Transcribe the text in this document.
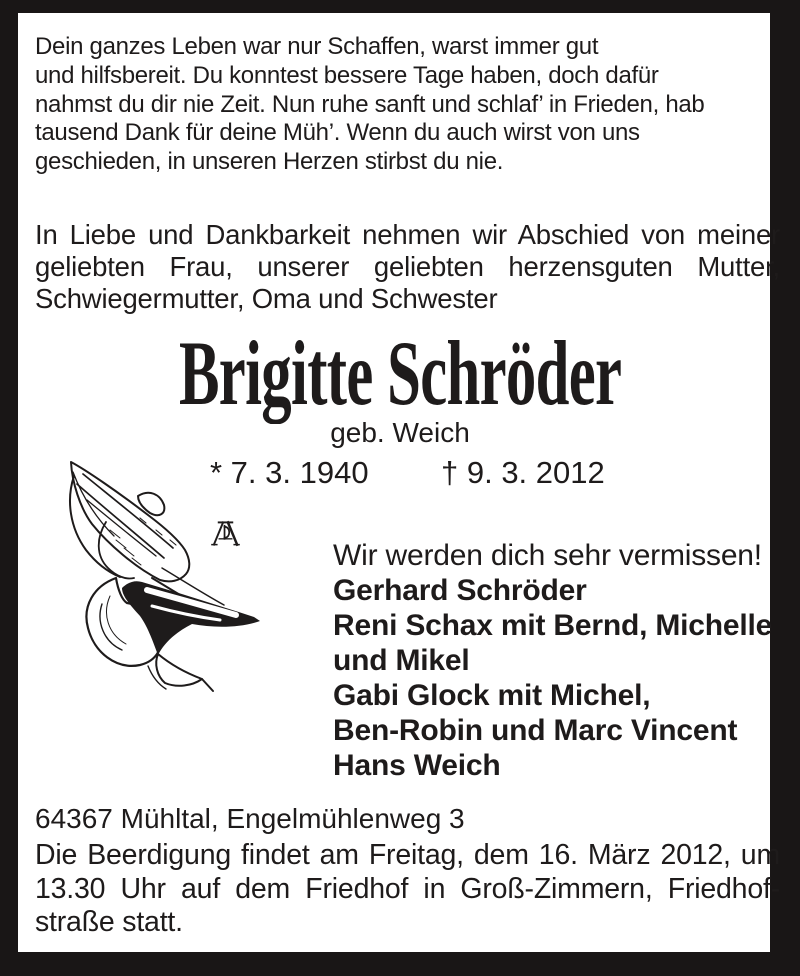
Dein ganzes Leben war nur Schaffen, warst immer gut
und hilfsbereit. Du konntest bessere Tage haben, doch dafür
nahmst du dir nie Zeit. Nun ruhe sanft und schlaf’ in Frieden, hab
tausend Dank für deine Müh’. Wenn du auch wirst von uns
geschieden, in unseren Herzen stirbst du nie.
In Liebe und Dankbarkeit nehmen wir Abschied von meiner
geliebten Frau, unserer geliebten herzensguten Mutter,
Schwiegermutter, Oma und Schwester
Brigitte Schröder
geb. Weich
* 7. 3. 1940 † 9. 3. 2012
Wir werden dich sehr vermissen!
Gerhard Schröder
Reni Schax mit Bernd, Michelle
und Mikel
Gabi Glock mit Michel,
Ben-Robin und Marc Vincent
Hans Weich
64367 Mühltal, Engelmühlenweg 3
Die Beerdigung findet am Freitag, dem 16. März 2012, um
13.30 Uhr auf dem Friedhof in Groß-Zimmern, Friedhof-
straße statt.
